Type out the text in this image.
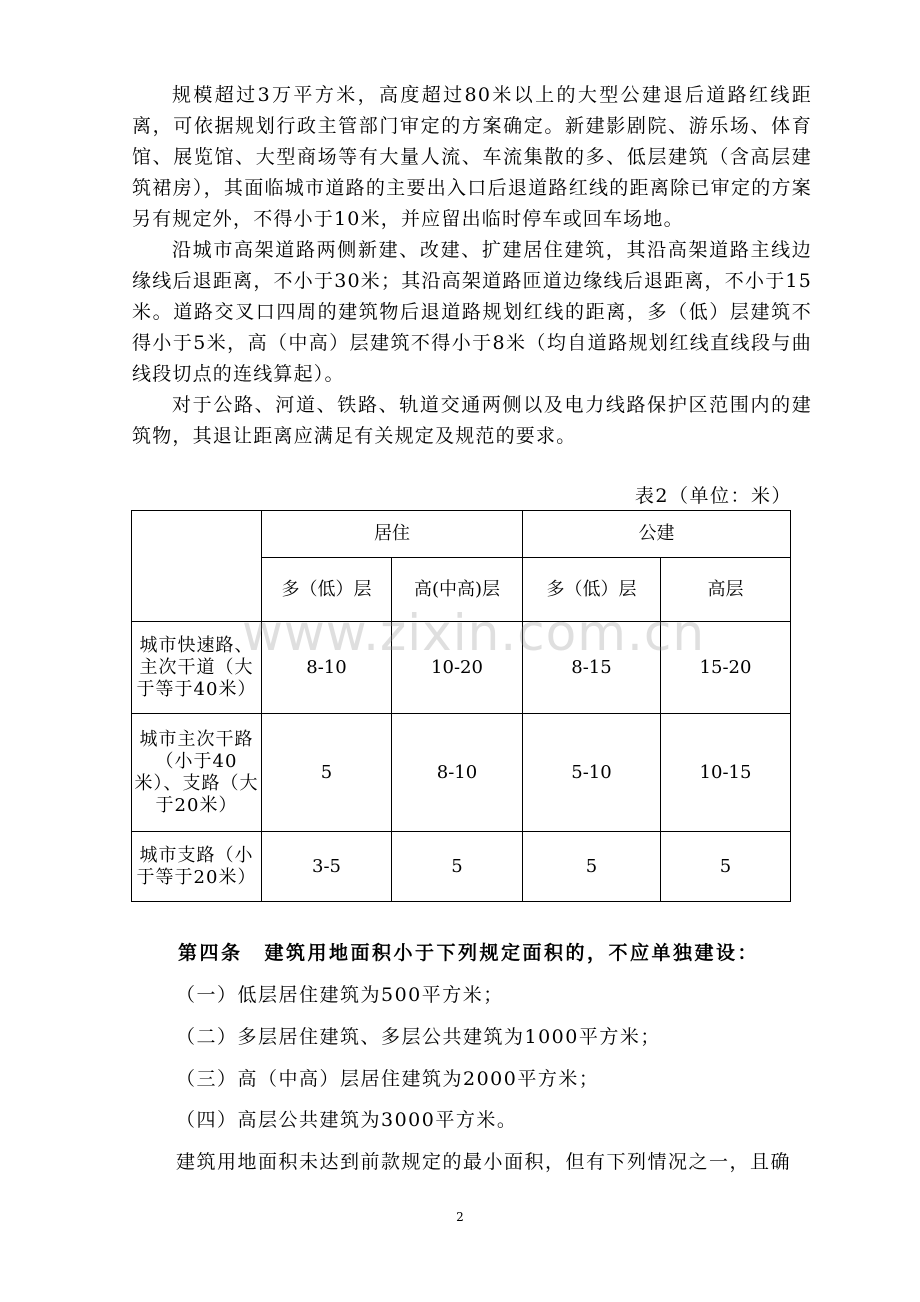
规模超过3万平方米，高度超过80米以上的大型公建退后道路红线距离，可依据规划行政主管部门审定的方案确定。新建影剧院、游乐场、体育馆、展览馆、大型商场等有大量人流、车流集散的多、低层建筑（含高层建筑裙房），其面临城市道路的主要出入口后退道路红线的距离除已审定的方案另有规定外，不得小于10米，并应留出临时停车或回车场地。

沿城市高架道路两侧新建、改建、扩建居住建筑，其沿高架道路主线边缘线后退距离，不小于30米；其沿高架道路匝道边缘线后退距离，不小于15米。道路交叉口四周的建筑物后退道路规划红线的距离，多（低）层建筑不得小于5米，高（中高）层建筑不得小于8米（均自道路规划红线直线段与曲线段切点的连线算起）。

对于公路、河道、铁路、轨道交通两侧以及电力线路保护区范围内的建筑物，其退让距离应满足有关规定及规范的要求。

表2（单位：米）
	居住		公建	
	多（低）层	高(中高)层	多（低）层	高层
城市快速路、主次干道（大于等于40米）	8-10	10-20	8-15	15-20
城市主次干路（小于40米）、支路（大于20米）	5	8-10	5-10	10-15
城市支路（小于等于20米）	3-5	5	5	5
www.zixin.com.cn
第四条 建筑用地面积小于下列规定面积的，不应单独建设：
（一）低层居住建筑为500平方米；
（二）多层居住建筑、多层公共建筑为1000平方米；
（三）高（中高）层居住建筑为2000平方米；
（四）高层公共建筑为3000平方米。
建筑用地面积未达到前款规定的最小面积，但有下列情况之一，且确
2
